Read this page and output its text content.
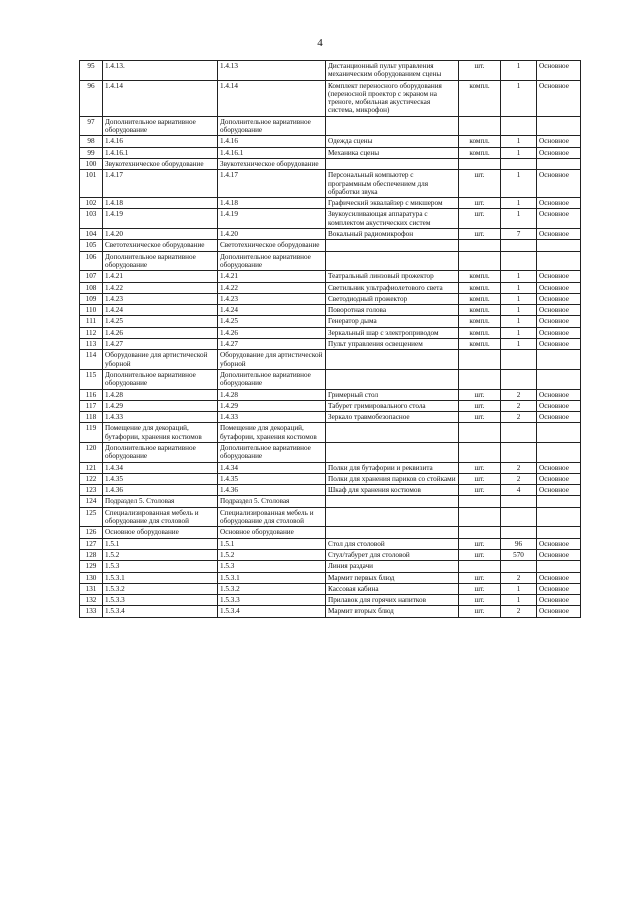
4
95	1.4.13.	1.4.13	Дистанционный пульт управления механическим оборудованием сцены	шт.	1	Основное
96	1.4.14	1.4.14	Комплект переносного оборудования (переносной проектор с экраном на треноге, мобильная акустическая система, микрофон)	компл.	1	Основное
97	Дополнительное вариативное оборудование	Дополнительное вариативное оборудование				
98	1.4.16	1.4.16	Одежда сцены	компл.	1	Основное
99	1.4.16.1	1.4.16.1	Механика сцены	компл.	1	Основное
100	Звукотехническое оборудование	Звукотехническое оборудование				
101	1.4.17	1.4.17	Персональный компьютер с программным обеспечением для обработки звука	шт.	1	Основное
102	1.4.18	1.4.18	Графический эквалайзер с микшером	шт.	1	Основное
103	1.4.19	1.4.19	Звукоусиливающая аппаратура с комплектом акустических систем	шт.	1	Основное
104	1.4.20	1.4.20	Вокальный радиомикрофон	шт.	7	Основное
105	Светотехническое оборудование	Светотехническое оборудование				
106	Дополнительное вариативное оборудование	Дополнительное вариативное оборудование				
107	1.4.21	1.4.21	Театральный линзовый прожектор	компл.	1	Основное
108	1.4.22	1.4.22	Светильник ультрафиолетового света	компл.	1	Основное
109	1.4.23	1.4.23	Светодиодный прожектор	компл.	1	Основное
110	1.4.24	1.4.24	Поворотная голова	компл.	1	Основное
111	1.4.25	1.4.25	Генератор дыма	компл.	1	Основное
112	1.4.26	1.4.26	Зеркальный шар с электроприводом	компл.	1	Основное
113	1.4.27	1.4.27	Пульт управления освещением	компл.	1	Основное
114	Оборудование для артистической уборной	Оборудование для артистической уборной				
115	Дополнительное вариативное оборудование	Дополнительное вариативное оборудование				
116	1.4.28	1.4.28	Гримерный стол	шт.	2	Основное
117	1.4.29	1.4.29	Табурет гримировального стола	шт.	2	Основное
118	1.4.33	1.4.33	Зеркало травмобезопасное	шт.	2	Основное
119	Помещение для декораций, бутафории, хранения костюмов	Помещение для декораций, бутафории, хранения костюмов				
120	Дополнительное вариативное оборудование	Дополнительное вариативное оборудование				
121	1.4.34	1.4.34	Полки для бутафории и реквизита	шт.	2	Основное
122	1.4.35	1.4.35	Полки для хранения париков со стойками	шт.	2	Основное
123	1.4.36	1.4.36	Шкаф для хранения костюмов	шт.	4	Основное
124	Подраздел 5. Столовая	Подраздел 5. Столовая				
125	Специализированная мебель и оборудование для столовой	Специализированная мебель и оборудование для столовой				
126	Основное оборудование	Основное оборудование				
127	1.5.1	1.5.1	Стол для столовой	шт.	96	Основное
128	1.5.2	1.5.2	Стул/табурет для столовой	шт.	570	Основное
129	1.5.3	1.5.3	Линия раздачи			
130	1.5.3.1	1.5.3.1	Мармит первых блюд	шт.	2	Основное
131	1.5.3.2	1.5.3.2	Кассовая кабина	шт.	1	Основное
132	1.5.3.3	1.5.3.3	Прилавок для горячих напитков	шт.	1	Основное
133	1.5.3.4	1.5.3.4	Мармит вторых блюд	шт.	2	Основное
